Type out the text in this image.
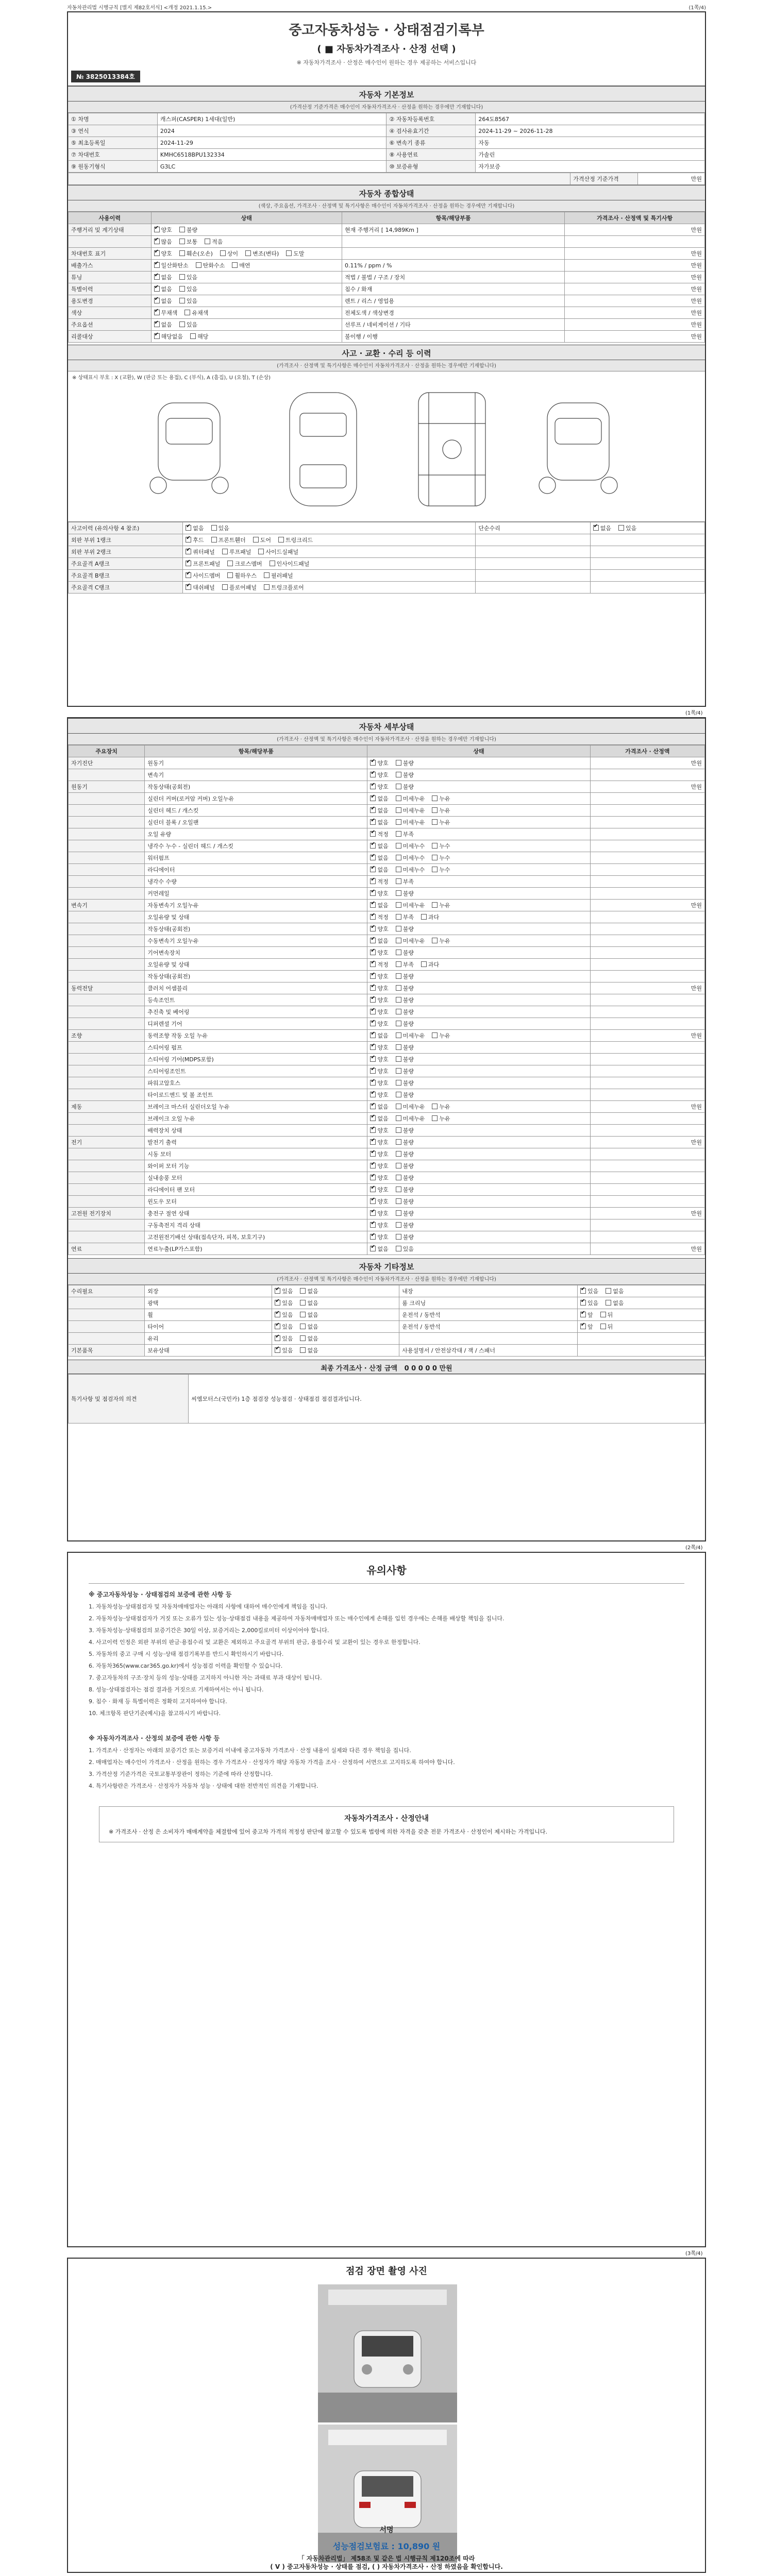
자동차관리법 시행규칙 [별지 제82호서식] <개정 2021.1.15.>	(1쪽/4)
중고자동차성능 · 상태점검기록부
( ■ 자동차가격조사 · 산정 선택 )
※ 자동차가격조사 · 산정은 매수인이 원하는 경우 제공하는 서비스입니다
№ 3825013384호
자동차 기본정보
(가격산정 기준가격은 매수인이 자동차가격조사 · 산정을 원하는 경우에만 기재합니다)
① 차명	캐스퍼(CASPER) 1세대(일반)	② 자동차등록번호	264도8567
③ 연식	2024	④ 검사유효기간	2024-11-29 ~ 2026-11-28
⑤ 최초등록일	2024-11-29	⑥ 변속기 종류	자동
⑦ 차대번호	KMHC6518BPU132334	⑧ 사용연료	가솔린
⑨ 원동기형식	G3LC	⑩ 보증유형	자가보증
	가격산정 기준가격	만원
자동차 종합상태
(색상, 주요옵션, 가격조사 · 산정액 및 특기사항은 매수인이 자동차가격조사 · 산정을 원하는 경우에만 기재합니다)
사용이력	상태	항목/해당부품	가격조사 · 산정액 및 특기사항
주행거리 및 계기상태	✔양호 불량	현재 주행거리 [ 14,989Km ]	만원
	✔많음 보통 적음		
차대번호 표기	✔양호 훼손(오손) 상이 변조(변타) 도말		만원
배출가스	✔일산화탄소 탄화수소 매연	0.11% / ppm / %	만원
튜닝	✔없음 있음	적법 / 불법 / 구조 / 장치	만원
특별이력	✔없음 있음	침수 / 화재	만원
용도변경	✔없음 있음	렌트 / 리스 / 영업용	만원
색상	✔무채색 유채색	전체도색 / 색상변경	만원
주요옵션	✔없음 있음	선루프 / 네비게이션 / 기타	만원
리콜대상	✔해당없음 해당	불이행 / 이행	만원
사고 · 교환 · 수리 등 이력
(가격조사 · 산정액 및 특기사항은 매수인이 자동차가격조사 · 산정을 원하는 경우에만 기재합니다)
※ 상태표시 부호 : X (교환), W (판금 또는 용접), C (부식), A (흠집), U (요철), T (손상)
사고이력 (유의사항 4 참조)	✔없음 있음	단순수리	✔없음 있음
외판 부위 1랭크	✔후드 프론트휀더 도어 트렁크리드		
외판 부위 2랭크	✔쿼터패널 루프패널 사이드실패널		
주요골격 A랭크	✔프론트패널 크로스멤버 인사이드패널		
주요골격 B랭크	✔사이드멤버 휠하우스 필러패널		
주요골격 C랭크	✔대쉬패널 플로어패널 트렁크플로어		
(1쪽/4)
자동차 세부상태
(가격조사 · 산정액 및 특기사항은 매수인이 자동차가격조사 · 산정을 원하는 경우에만 기재합니다)
주요장치	항목/해당부품	상태	가격조사 · 산정액
자기진단	원동기	✔양호 불량	만원
	변속기	✔양호 불량	
원동기	작동상태(공회전)	✔양호 불량	만원
	실린더 커버(로커암 커버) 오일누유	✔없음 미세누유 누유	
	실린더 헤드 / 개스킷	✔없음 미세누유 누유	
	실린더 블록 / 오일팬	✔없음 미세누유 누유	
	오일 유량	✔적정 부족	
	냉각수 누수 - 실린더 헤드 / 개스킷	✔없음 미세누수 누수	
	워터펌프	✔없음 미세누수 누수	
	라디에이터	✔없음 미세누수 누수	
	냉각수 수량	✔적정 부족	
	커먼레일	✔양호 불량	
변속기	자동변속기 오일누유	✔없음 미세누유 누유	만원
	오일유량 및 상태	✔적정 부족 과다	
	작동상태(공회전)	✔양호 불량	
	수동변속기 오일누유	✔없음 미세누유 누유	
	기어변속장치	✔양호 불량	
	오일유량 및 상태	✔적정 부족 과다	
	작동상태(공회전)	✔양호 불량	
동력전달	클러치 어셈블리	✔양호 불량	만원
	등속조인트	✔양호 불량	
	추진축 및 베어링	✔양호 불량	
	디퍼렌셜 기어	✔양호 불량	
조향	동력조향 작동 오일 누유	✔없음 미세누유 누유	만원
	스티어링 펌프	✔양호 불량	
	스티어링 기어(MDPS포함)	✔양호 불량	
	스티어링조인트	✔양호 불량	
	파워고압호스	✔양호 불량	
	타이로드엔드 및 볼 조인트	✔양호 불량	
제동	브레이크 마스터 실린더오일 누유	✔없음 미세누유 누유	만원
	브레이크 오일 누유	✔없음 미세누유 누유	
	배력장치 상태	✔양호 불량	
전기	발전기 출력	✔양호 불량	만원
	시동 모터	✔양호 불량	
	와이퍼 모터 기능	✔양호 불량	
	실내송풍 모터	✔양호 불량	
	라디에이터 팬 모터	✔양호 불량	
	윈도우 모터	✔양호 불량	
고전원 전기장치	충전구 절연 상태	✔양호 불량	만원
	구동축전지 격리 상태	✔양호 불량	
	고전원전기배선 상태(접속단자, 피복, 보호기구)	✔양호 불량	
연료	연료누출(LP가스포함)	✔없음 있음	만원
자동차 기타정보
(가격조사 · 산정액 및 특기사항은 매수인이 자동차가격조사 · 산정을 원하는 경우에만 기재합니다)
수리필요	외장	✔있음 없음	내장	✔있음 없음
	광택	✔있음 없음	룸 크리닝	✔있음 없음
	휠	✔있음 없음	운전석 / 동반석	✔앞 뒤
	타이어	✔있음 없음	운전석 / 동반석	✔앞 뒤
	유리	✔있음 없음		
기본품목	보유상태	✔있음 없음	사용설명서 / 안전삼각대 / 잭 / 스패너	
최종 가격조사 · 산정 금액 0 0 0 0 0 만원
특기사항 및 점검자의 의견	씨엠모터스(국민카) 1층 점검장 성능점검 · 상태점검 점검결과입니다.
(2쪽/4)
유의사항

※ 중고자동차성능 · 상태점검의 보증에 관한 사항 등

1. 자동차성능·상태점검자 및 자동차매매업자는 아래의 사항에 대하여 매수인에게 책임을 집니다.

2. 자동차성능·상태점검자가 거짓 또는 오류가 있는 성능·상태점검 내용을 제공하여 자동차매매업자 또는 매수인에게 손해를 입힌 경우에는 손해를 배상할 책임을 집니다.

3. 자동차성능·상태점검의 보증기간은 30일 이상, 보증거리는 2,000킬로미터 이상이어야 합니다.

4. 사고이력 인정은 외판 부위의 판금·용접수리 및 교환은 제외하고 주요골격 부위의 판금, 용접수리 및 교환이 있는 경우로 한정합니다.

5. 자동차의 중고 구매 시 성능·상태 점검기록부를 반드시 확인하시기 바랍니다.

6. 자동차365(www.car365.go.kr)에서 성능점검 이력을 확인할 수 있습니다.

7. 중고자동차의 구조·장치 등의 성능·상태를 고지하지 아니한 자는 과태료 부과 대상이 됩니다.

8. 성능·상태점검자는 점검 결과를 거짓으로 기재하여서는 아니 됩니다.

9. 침수 · 화재 등 특별이력은 정확히 고지하여야 합니다.

10. 체크항목 판단기준(예시)을 참고하시기 바랍니다.

※ 자동차가격조사 · 산정의 보증에 관한 사항 등

1. 가격조사 · 산정자는 아래의 보증기간 또는 보증거리 이내에 중고자동차 가격조사 · 산정 내용이 실제와 다른 경우 책임을 집니다.

2. 매매업자는 매수인이 가격조사 · 산정을 원하는 경우 가격조사 · 산정자가 해당 자동차 가격을 조사 · 산정하여 서면으로 고지하도록 하여야 합니다.

3. 가격산정 기준가격은 국토교통부장관이 정하는 기준에 따라 산정합니다.

4. 특기사항란은 가격조사 · 산정자가 자동차 성능 · 상태에 대한 전반적인 의견을 기재합니다.

자동차가격조사 · 산정안내
※ 가격조사 · 산정 은 소비자가 매매계약을 체결함에 있어 중고차 가격의 적정성 판단에 참고할 수 있도록 법령에 의한 자격을 갖춘 전문 가격조사 · 산정인이 제시하는 가격입니다.
(3쪽/4)
점검 장면 촬영 사진
성능점검보험료 : 10,890 원
「 자동차관리법」 제58조 및 같은 법 시행규칙 제120조에 따라
( V ) 중고자동차성능 · 상태를 점검, ( ) 자동차가격조사 · 산정 하였음을 확인합니다.
서명
